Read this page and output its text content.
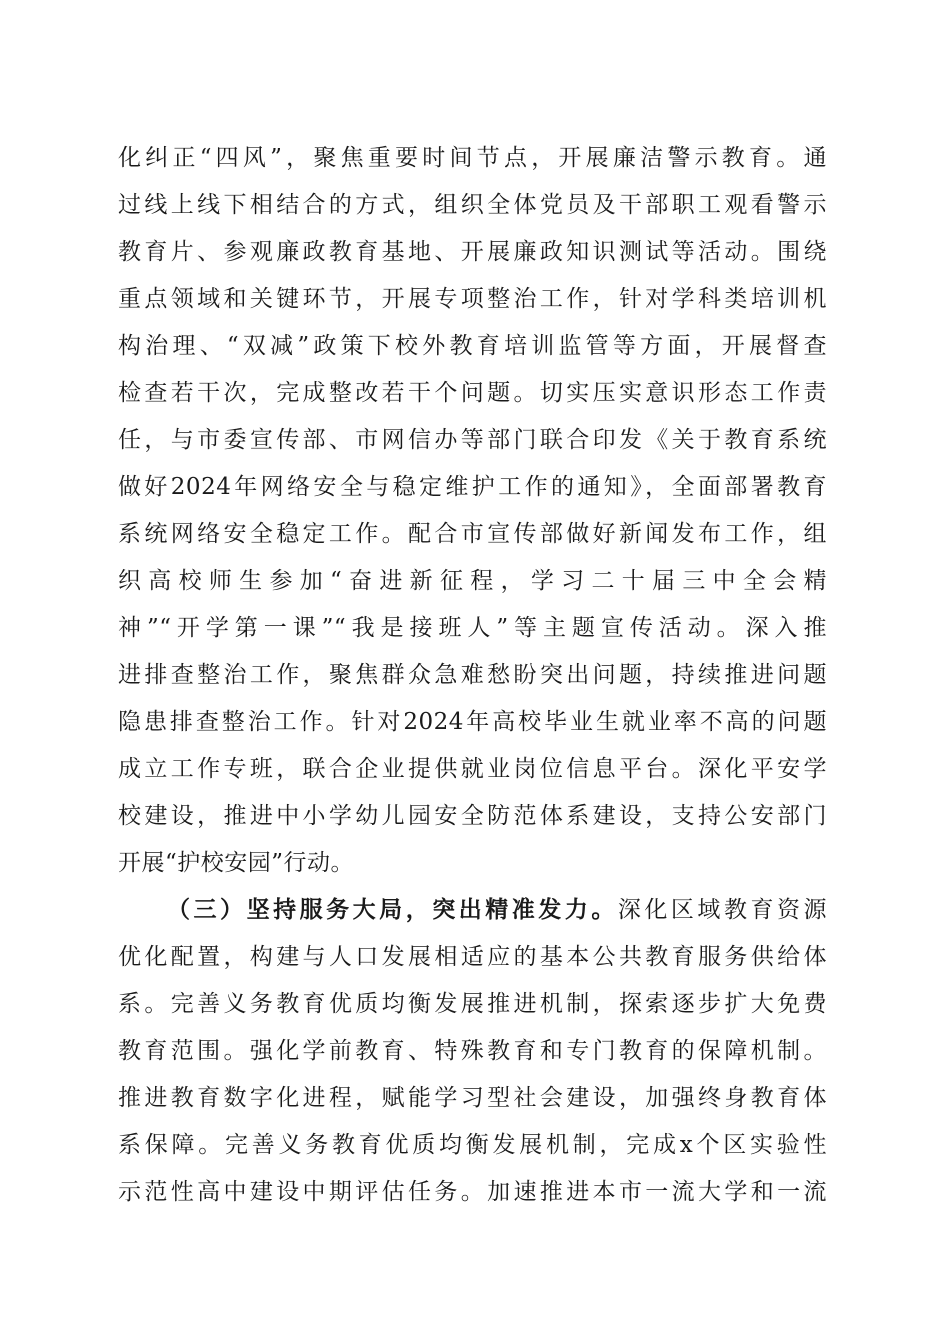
化纠正“四风”，聚焦重要时间节点，开展廉洁警示教育。通
过线上线下相结合的方式，组织全体党员及干部职工观看警示
教育片、参观廉政教育基地、开展廉政知识测试等活动。围绕
重点领域和关键环节，开展专项整治工作，针对学科类培训机
构治理、“双减”政策下校外教育培训监管等方面，开展督查
检查若干次，完成整改若干个问题。切实压实意识形态工作责
任，与市委宣传部、市网信办等部门联合印发《关于教育系统
做好2024年网络安全与稳定维护工作的通知》，全面部署教育
系统网络安全稳定工作。配合市宣传部做好新闻发布工作，组
织高校师生参加“奋进新征程，学习二十届三中全会精
神”“开学第一课”“我是接班人”等主题宣传活动。深入推
进排查整治工作，聚焦群众急难愁盼突出问题，持续推进问题
隐患排查整治工作。针对2024年高校毕业生就业率不高的问题
成立工作专班，联合企业提供就业岗位信息平台。深化平安学
校建设，推进中小学幼儿园安全防范体系建设，支持公安部门
开展“护校安园”行动。
（三）坚持服务大局，突出精准发力。深化区域教育资源
优化配置，构建与人口发展相适应的基本公共教育服务供给体
系。完善义务教育优质均衡发展推进机制，探索逐步扩大免费
教育范围。强化学前教育、特殊教育和专门教育的保障机制。
推进教育数字化进程，赋能学习型社会建设，加强终身教育体
系保障。完善义务教育优质均衡发展机制，完成x个区实验性
示范性高中建设中期评估任务。加速推进本市一流大学和一流
